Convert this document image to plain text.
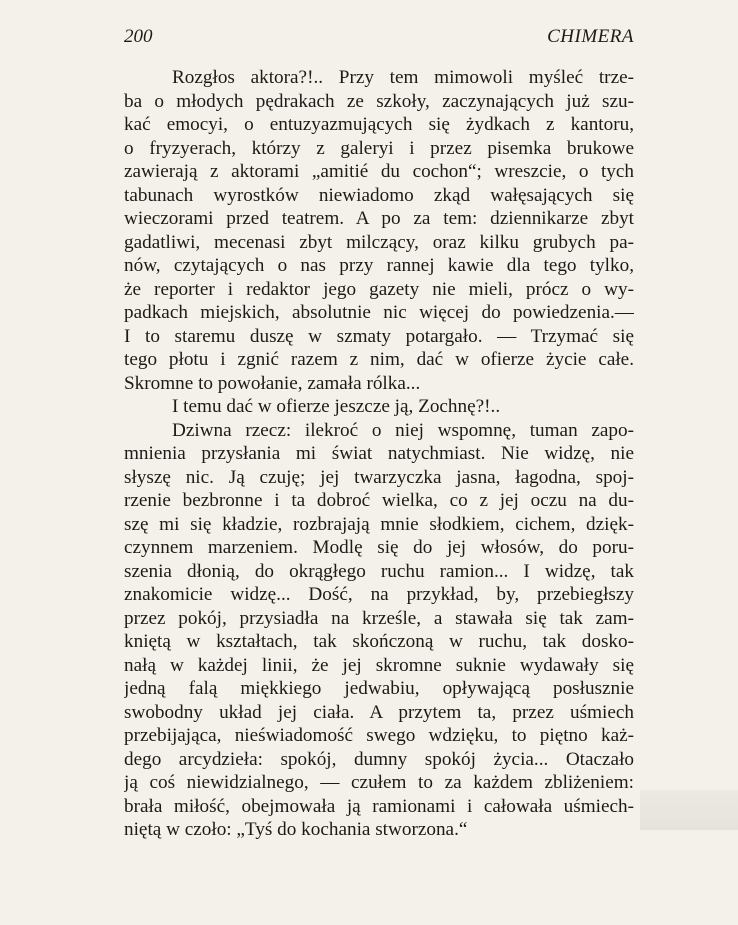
200	CHIMERA
Rozgłos aktora?!.. Przy tem mimowoli myśleć trze-
ba o młodych pędrakach ze szkoły, zaczynających już szu-
kać emocyi, o entuzyazmujących się żydkach z kantoru,
o fryzyerach, którzy z galeryi i przez pisemka brukowe
zawierają z aktorami „amitié du cochon“; wreszcie, o tych
tabunach wyrostków niewiadomo zkąd wałęsających się
wieczorami przed teatrem. A po za tem: dziennikarze zbyt
gadatliwi, mecenasi zbyt milczący, oraz kilku grubych pa-
nów, czytających o nas przy rannej kawie dla tego tylko,
że reporter i redaktor jego gazety nie mieli, prócz o wy-
padkach miejskich, absolutnie nic więcej do powiedzenia.—
I to staremu duszę w szmaty potargało. — Trzymać się
tego płotu i zgnić razem z nim, dać w ofierze życie całe.
Skromne to powołanie, zamała rólka...
I temu dać w ofierze jeszcze ją, Zochnę?!..
Dziwna rzecz: ilekroć o niej wspomnę, tuman zapo-
mnienia przysłania mi świat natychmiast. Nie widzę, nie
słyszę nic. Ją czuję; jej twarzyczka jasna, łagodna, spoj-
rzenie bezbronne i ta dobroć wielka, co z jej oczu na du-
szę mi się kładzie, rozbrajają mnie słodkiem, cichem, dzięk-
czynnem marzeniem. Modlę się do jej włosów, do poru-
szenia dłonią, do okrągłego ruchu ramion... I widzę, tak
znakomicie widzę... Dość, na przykład, by, przebiegłszy
przez pokój, przysiadła na krześle, a stawała się tak zam-
kniętą w kształtach, tak skończoną w ruchu, tak dosko-
nałą w każdej linii, że jej skromne suknie wydawały się
jedną falą miękkiego jedwabiu, opływającą posłusznie
swobodny układ jej ciała. A przytem ta, przez uśmiech
przebijająca, nieświadomość swego wdzięku, to piętno każ-
dego arcydzieła: spokój, dumny spokój życia... Otaczało
ją coś niewidzialnego, — czułem to za każdem zbliżeniem:
brała miłość, obejmowała ją ramionami i całowała uśmiech-
niętą w czoło: „Tyś do kochania stworzona.“
